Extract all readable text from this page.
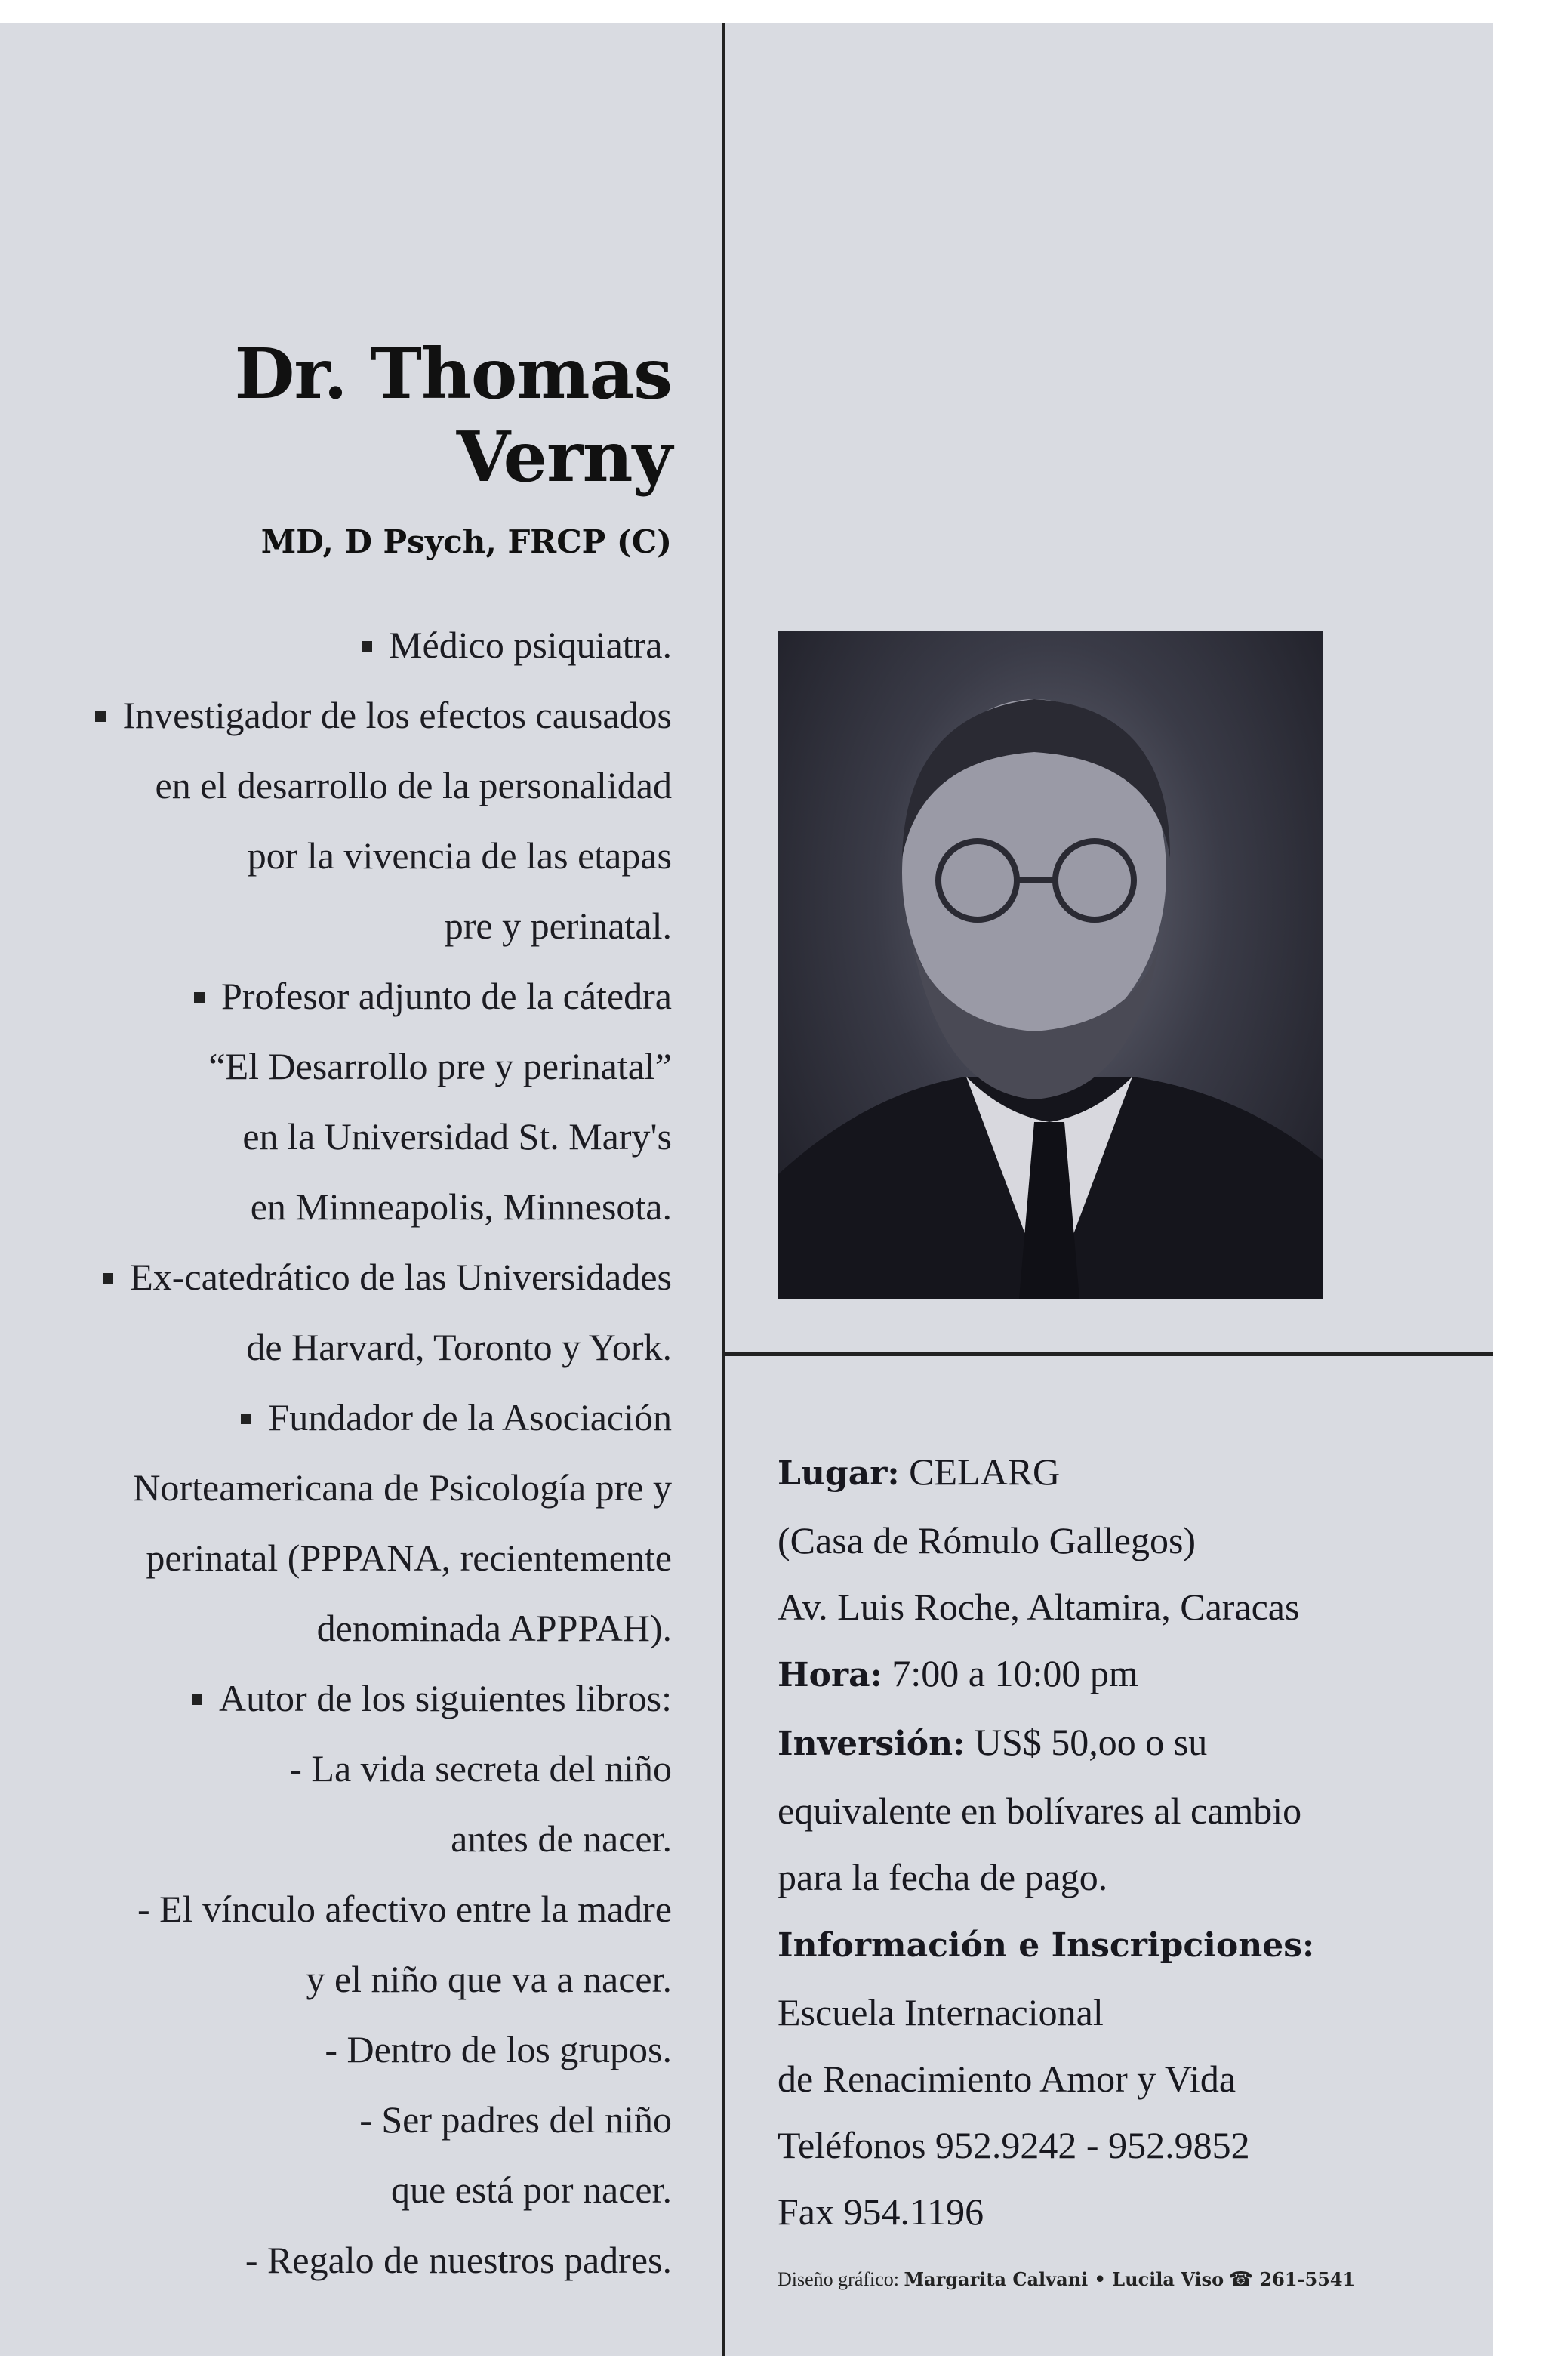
Dr. Thomas Verny
MD, D Psych, FRCP (C)
Médico psiquiatra.
Investigador de los efectos causados
en el desarrollo de la personalidad
por la vivencia de las etapas
pre y perinatal.
Profesor adjunto de la cátedra
“El Desarrollo pre y perinatal”
en la Universidad St. Mary's
en Minneapolis, Minnesota.
Ex-catedrático de las Universidades
de Harvard, Toronto y York.
Fundador de la Asociación
Norteamericana de Psicología pre y
perinatal (PPPANA, recientemente
denominada APPPAH).
Autor de los siguientes libros:
- La vida secreta del niño
antes de nacer.
- El vínculo afectivo entre la madre
y el niño que va a nacer.
- Dentro de los grupos.
- Ser padres del niño
que está por nacer.
- Regalo de nuestros padres.
Lugar: CELARG
(Casa de Rómulo Gallegos)
Av. Luis Roche, Altamira, Caracas
Hora: 7:00 a 10:00 pm
Inversión: US$ 50,oo o su
equivalente en bolívares al cambio
para la fecha de pago.
Información e Inscripciones:
Escuela Internacional
de Renacimiento Amor y Vida
Teléfonos 952.9242 - 952.9852
Fax 954.1196
Diseño gráfico: Margarita Calvani • Lucila Viso ☎ 261-5541
